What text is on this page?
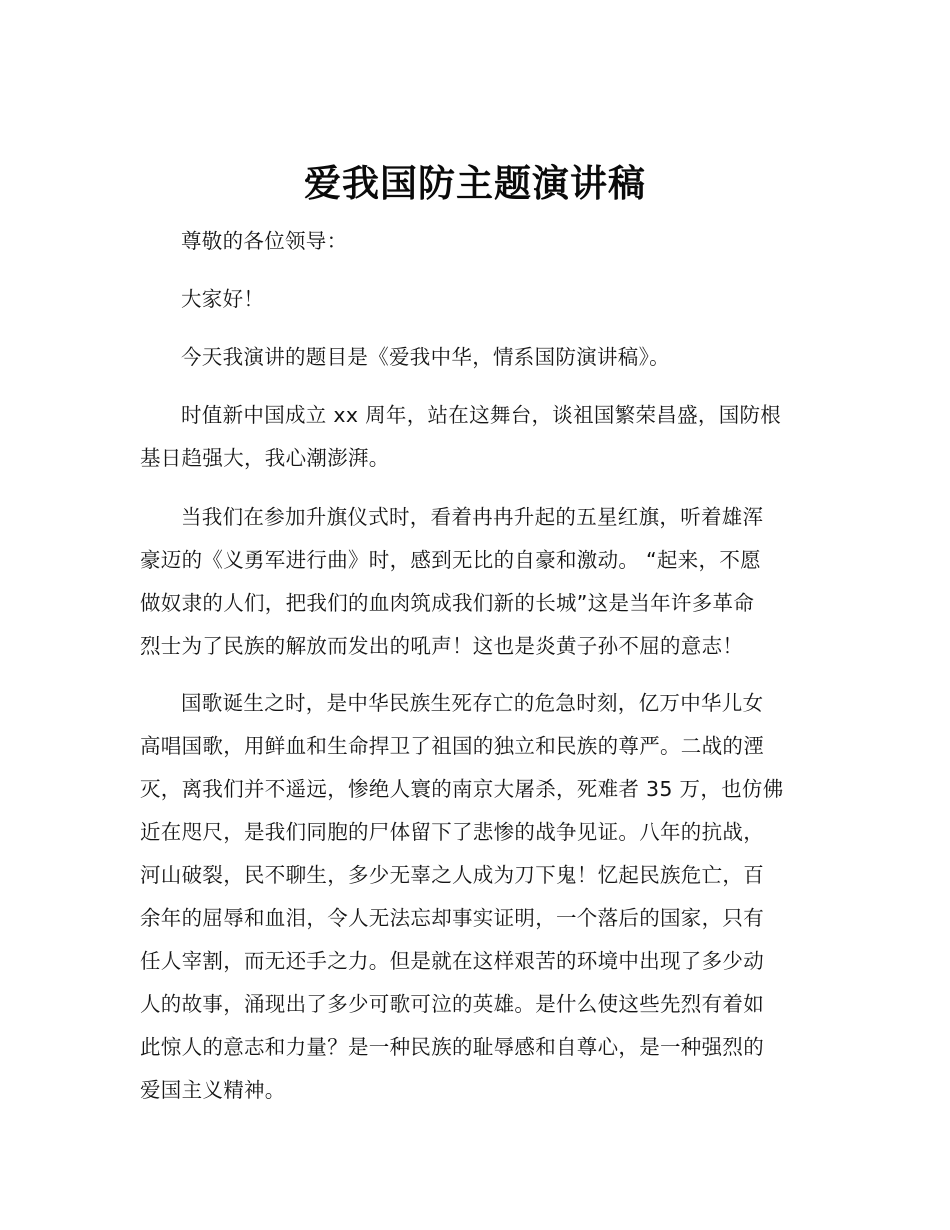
爱我国防主题演讲稿

尊敬的各位领导：

大家好！

今天我演讲的题目是《爱我中华，情系国防演讲稿》。

时值新中国成立 xx 周年，站在这舞台，谈祖国繁荣昌盛，国防根
基日趋强大，我心潮澎湃。

当我们在参加升旗仪式时，看着冉冉升起的五星红旗，听着雄浑
豪迈的《义勇军进行曲》时，感到无比的自豪和激动。 “起来，不愿
做奴隶的人们，把我们的血肉筑成我们新的长城”这是当年许多革命
烈士为了民族的解放而发出的吼声！这也是炎黄子孙不屈的意志！

国歌诞生之时，是中华民族生死存亡的危急时刻，亿万中华儿女
高唱国歌，用鲜血和生命捍卫了祖国的独立和民族的尊严。二战的湮
灭，离我们并不遥远，惨绝人寰的南京大屠杀，死难者 35 万，也仿佛
近在咫尺，是我们同胞的尸体留下了悲惨的战争见证。八年的抗战，
河山破裂，民不聊生，多少无辜之人成为刀下鬼！忆起民族危亡，百
余年的屈辱和血泪，令人无法忘却事实证明，一个落后的国家，只有
任人宰割，而无还手之力。但是就在这样艰苦的环境中出现了多少动
人的故事，涌现出了多少可歌可泣的英雄。是什么使这些先烈有着如
此惊人的意志和力量？是一种民族的耻辱感和自尊心，是一种强烈的
爱国主义精神。
